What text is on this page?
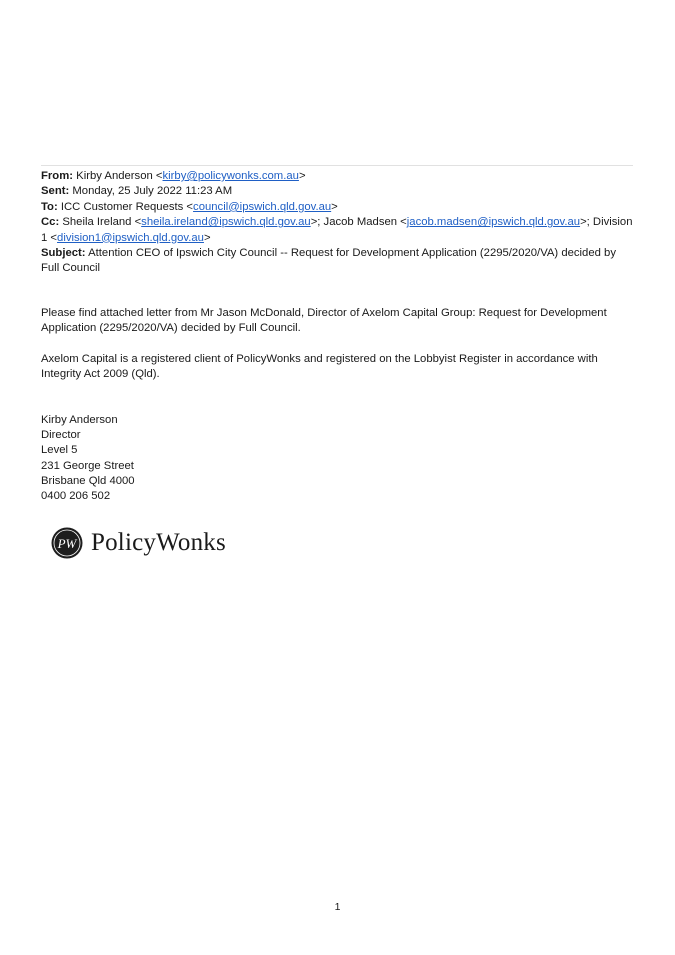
From: Kirby Anderson <kirby@policywonks.com.au>
Sent: Monday, 25 July 2022 11:23 AM
To: ICC Customer Requests <council@ipswich.qld.gov.au>
Cc: Sheila Ireland <sheila.ireland@ipswich.qld.gov.au>; Jacob Madsen <jacob.madsen@ipswich.qld.gov.au>; Division 1 <division1@ipswich.qld.gov.au>
Subject: Attention CEO of Ipswich City Council -- Request for Development Application (2295/2020/VA) decided by Full Council

Please find attached letter from Mr Jason McDonald, Director of Axelom Capital Group: Request for Development Application (2295/2020/VA) decided by Full Council.

Axelom Capital is a registered client of PolicyWonks and registered on the Lobbyist Register in accordance with Integrity Act 2009 (Qld).

Kirby Anderson
Director
Level 5
231 George Street
Brisbane Qld 4000
0400 206 502
PW PolicyWonks
1
